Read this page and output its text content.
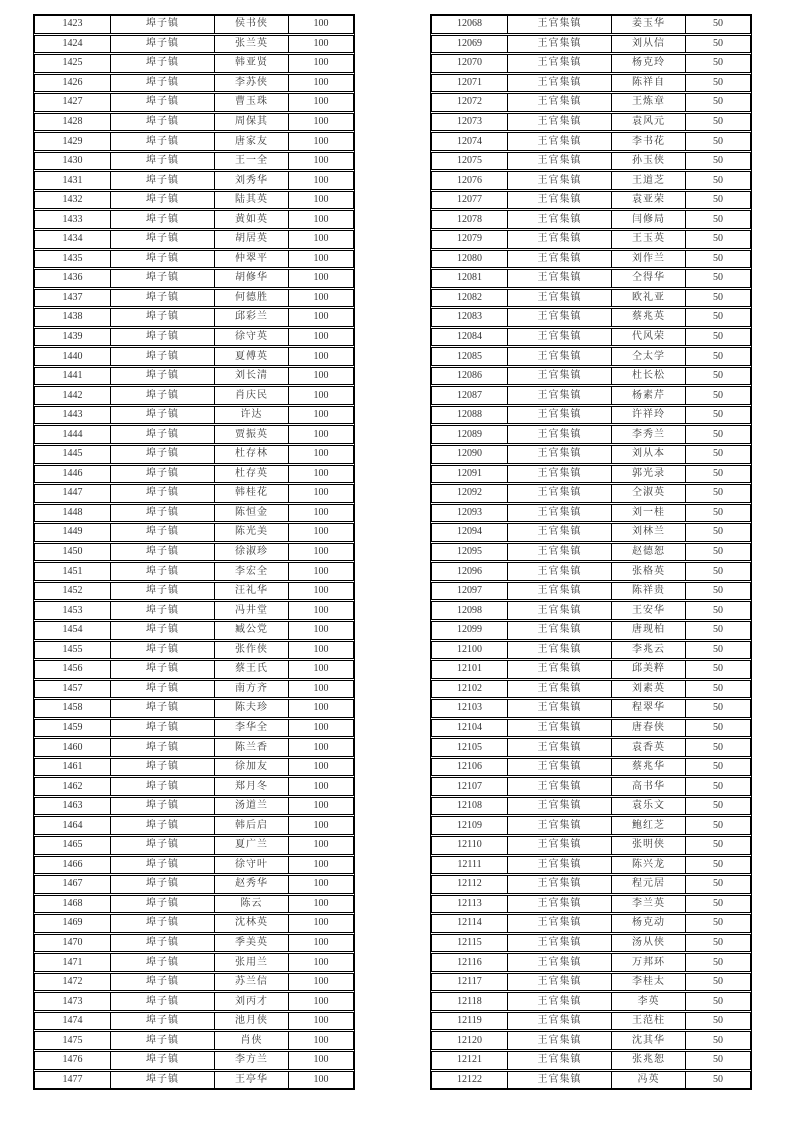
1423	埠子镇	侯书侠	100
1424	埠子镇	张兰英	100
1425	埠子镇	韩亚贤	100
1426	埠子镇	李苏侠	100
1427	埠子镇	曹玉珠	100
1428	埠子镇	周保其	100
1429	埠子镇	唐家友	100
1430	埠子镇	王一全	100
1431	埠子镇	刘秀华	100
1432	埠子镇	陆其英	100
1433	埠子镇	黄如英	100
1434	埠子镇	胡居英	100
1435	埠子镇	仲翠平	100
1436	埠子镇	胡修华	100
1437	埠子镇	何德胜	100
1438	埠子镇	邱彩兰	100
1439	埠子镇	徐守英	100
1440	埠子镇	夏傅英	100
1441	埠子镇	刘长清	100
1442	埠子镇	肖庆民	100
1443	埠子镇	许达	100
1444	埠子镇	贾振英	100
1445	埠子镇	杜存林	100
1446	埠子镇	杜存英	100
1447	埠子镇	韩桂花	100
1448	埠子镇	陈恒金	100
1449	埠子镇	陈光美	100
1450	埠子镇	徐淑珍	100
1451	埠子镇	李宏全	100
1452	埠子镇	汪礼华	100
1453	埠子镇	冯井堂	100
1454	埠子镇	臧公党	100
1455	埠子镇	张作侠	100
1456	埠子镇	蔡王氏	100
1457	埠子镇	南方齐	100
1458	埠子镇	陈夫珍	100
1459	埠子镇	李华全	100
1460	埠子镇	陈兰香	100
1461	埠子镇	徐加友	100
1462	埠子镇	郑月冬	100
1463	埠子镇	汤道兰	100
1464	埠子镇	韩后启	100
1465	埠子镇	夏广兰	100
1466	埠子镇	徐守叶	100
1467	埠子镇	赵秀华	100
1468	埠子镇	陈云	100
1469	埠子镇	沈林英	100
1470	埠子镇	季美英	100
1471	埠子镇	张用兰	100
1472	埠子镇	苏兰信	100
1473	埠子镇	刘丙才	100
1474	埠子镇	池月侠	100
1475	埠子镇	肖侠	100
1476	埠子镇	李方兰	100
1477	埠子镇	王亭华	100
12068	王官集镇	姜玉华	50
12069	王官集镇	刘从信	50
12070	王官集镇	杨克玲	50
12071	王官集镇	陈祥自	50
12072	王官集镇	王炼章	50
12073	王官集镇	袁风元	50
12074	王官集镇	李书花	50
12075	王官集镇	孙玉侠	50
12076	王官集镇	王道芝	50
12077	王官集镇	袁亚荣	50
12078	王官集镇	闫修局	50
12079	王官集镇	王玉英	50
12080	王官集镇	刘作兰	50
12081	王官集镇	仝得华	50
12082	王官集镇	欧礼亚	50
12083	王官集镇	蔡兆英	50
12084	王官集镇	代风荣	50
12085	王官集镇	仝太学	50
12086	王官集镇	杜长松	50
12087	王官集镇	杨素芹	50
12088	王官集镇	许祥玲	50
12089	王官集镇	李秀兰	50
12090	王官集镇	刘从本	50
12091	王官集镇	郭光录	50
12092	王官集镇	仝淑英	50
12093	王官集镇	刘一桂	50
12094	王官集镇	刘林兰	50
12095	王官集镇	赵德恕	50
12096	王官集镇	张格英	50
12097	王官集镇	陈祥贵	50
12098	王官集镇	王安华	50
12099	王官集镇	唐现柏	50
12100	王官集镇	李兆云	50
12101	王官集镇	邱美粹	50
12102	王官集镇	刘素英	50
12103	王官集镇	程翠华	50
12104	王官集镇	唐春侠	50
12105	王官集镇	袁香英	50
12106	王官集镇	蔡兆华	50
12107	王官集镇	高书华	50
12108	王官集镇	袁乐文	50
12109	王官集镇	鲍红芝	50
12110	王官集镇	张明侠	50
12111	王官集镇	陈兴龙	50
12112	王官集镇	程元居	50
12113	王官集镇	李兰英	50
12114	王官集镇	杨克动	50
12115	王官集镇	汤从侠	50
12116	王官集镇	万邦环	50
12117	王官集镇	李桂太	50
12118	王官集镇	李英	50
12119	王官集镇	王范柱	50
12120	王官集镇	沈其华	50
12121	王官集镇	张兆恕	50
12122	王官集镇	冯英	50
